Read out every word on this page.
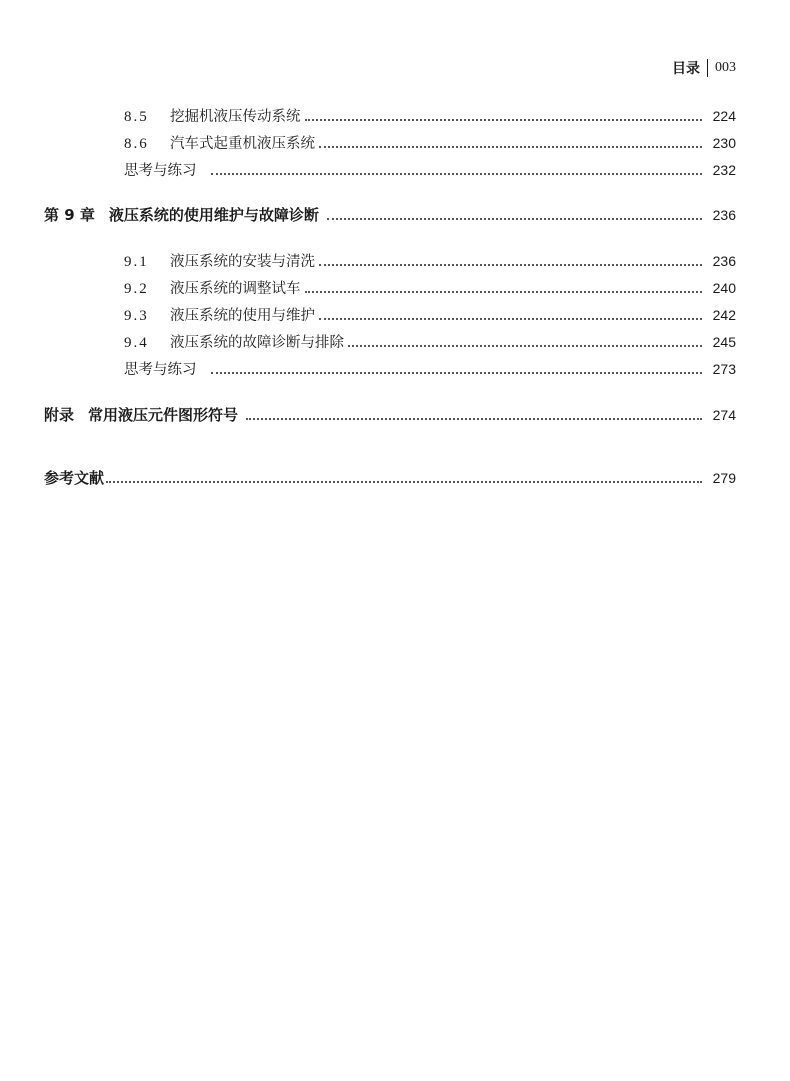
目录 003
8.5	挖掘机液压传动系统	224
8.6	汽车式起重机液压系统	230
思考与练习	232
第 9 章 液压系统的使用维护与故障诊断	236
9.1	液压系统的安装与清洗	236
9.2	液压系统的调整试车	240
9.3	液压系统的使用与维护	242
9.4	液压系统的故障诊断与排除	245
思考与练习	273
附录 常用液压元件图形符号	274
参考文献	279
